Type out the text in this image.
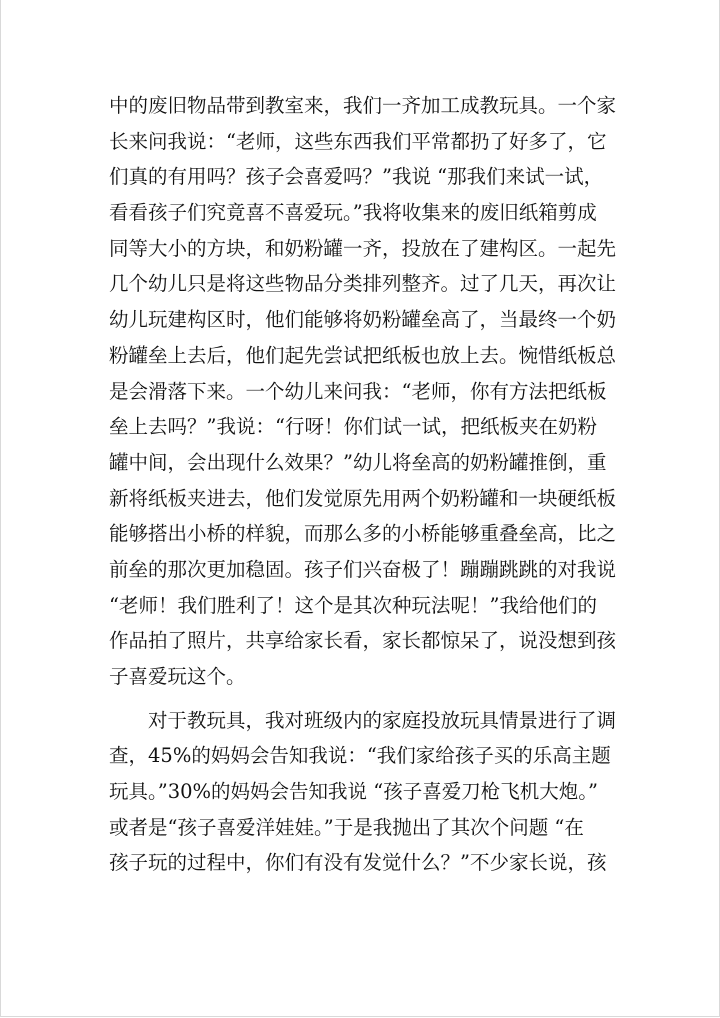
中的废旧物品带到教室来，我们一齐加工成教玩具。一个家
长来问我说：“老师，这些东西我们平常都扔了好多了，它
们真的有用吗？孩子会喜爱吗？”我说 “那我们来试一试，
看看孩子们究竟喜不喜爱玩。”我将收集来的废旧纸箱剪成
同等大小的方块，和奶粉罐一齐，投放在了建构区。一起先
几个幼儿只是将这些物品分类排列整齐。过了几天，再次让
幼儿玩建构区时，他们能够将奶粉罐垒高了，当最终一个奶
粉罐垒上去后，他们起先尝试把纸板也放上去。惋惜纸板总
是会滑落下来。一个幼儿来问我：“老师，你有方法把纸板
垒上去吗？”我说：“行呀！你们试一试，把纸板夹在奶粉
罐中间，会出现什么效果？”幼儿将垒高的奶粉罐推倒，重
新将纸板夹进去，他们发觉原先用两个奶粉罐和一块硬纸板
能够搭出小桥的样貌，而那么多的小桥能够重叠垒高，比之
前垒的那次更加稳固。孩子们兴奋极了！蹦蹦跳跳的对我说
“老师！我们胜利了！这个是其次种玩法呢！”我给他们的
作品拍了照片，共享给家长看，家长都惊呆了，说没想到孩
子喜爱玩这个。
对于教玩具，我对班级内的家庭投放玩具情景进行了调
查，45%的妈妈会告知我说：“我们家给孩子买的乐高主题
玩具。”30%的妈妈会告知我说 “孩子喜爱刀枪飞机大炮。”
或者是“孩子喜爱洋娃娃。”于是我抛出了其次个问题 “在
孩子玩的过程中，你们有没有发觉什么？”不少家长说，孩
